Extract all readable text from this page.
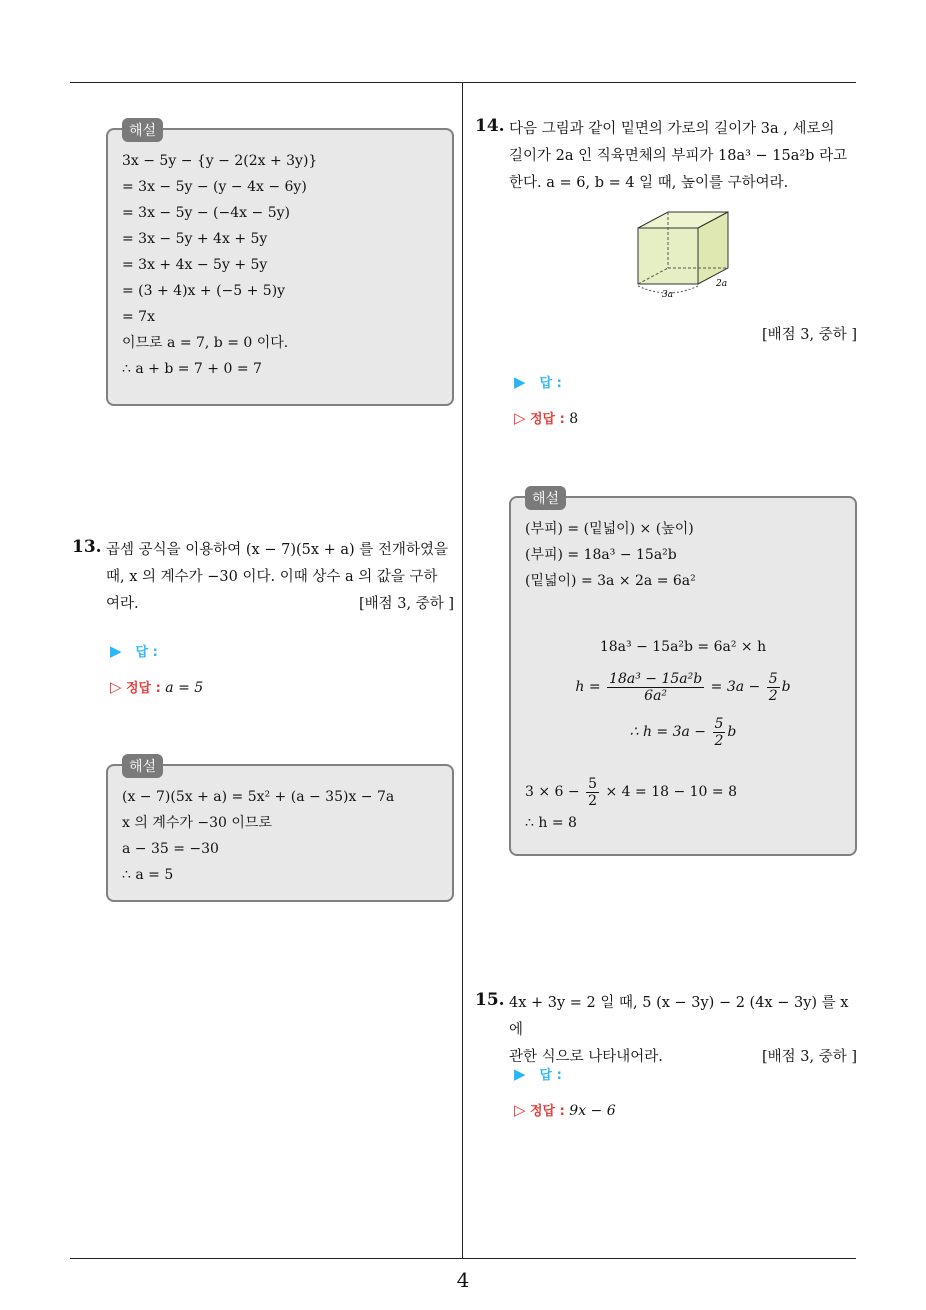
4
해설
3x − 5y − {y − 2(2x + 3y)}
= 3x − 5y − (y − 4x − 6y)
= 3x − 5y − (−4x − 5y)
= 3x − 5y + 4x + 5y
= 3x + 4x − 5y + 5y
= (3 + 4)x + (−5 + 5)y
= 7x
이므로 a = 7, b = 0 이다.
∴ a + b = 7 + 0 = 7
13. 곱셈 공식을 이용하여 (x − 7)(5x + a) 를 전개하였을
때, x 의 계수가 −30 이다. 이때 상수 a 의 값을 구하
여라.	[배점 3, 중하 ]
▶ 답 :
▷ 정답 : a = 5
해설
(x − 7)(5x + a) = 5x² + (a − 35)x − 7a
x 의 계수가 −30 이므로
a − 35 = −30
∴ a = 5
14. 다음 그림과 같이 밑면의 가로의 길이가 3a , 세로의
길이가 2a 인 직육면체의 부피가 18a³ − 15a²b 라고
한다. a = 6, b = 4 일 때, 높이를 구하여라.
3a
2a
[배점 3, 중하 ]
▶ 답 :
▷ 정답 : 8
해설
(부피) = (밑넓이) × (높이)
(부피) = 18a³ − 15a²b
(밑넓이) = 3a × 2a = 6a²
18a³ − 15a²b = 6a² × h
$h = \frac{\text{18a³ − 15a²b}}{\text{6a²}} = 3a - \frac{5}{2}$ b
∴ $h = 3a - \frac{5}{2}$ b
$3 \times 6 - \frac{5}{2} \times 4 = 18 - 10 = 8$
∴ h = 8
15. 4x + 3y = 2 일 때, 5 (x − 3y) − 2 (4x − 3y) 를 x 에
관한 식으로 나타내어라.	[배점 3, 중하 ]
▶ 답 :
▷ 정답 : 9x − 6
